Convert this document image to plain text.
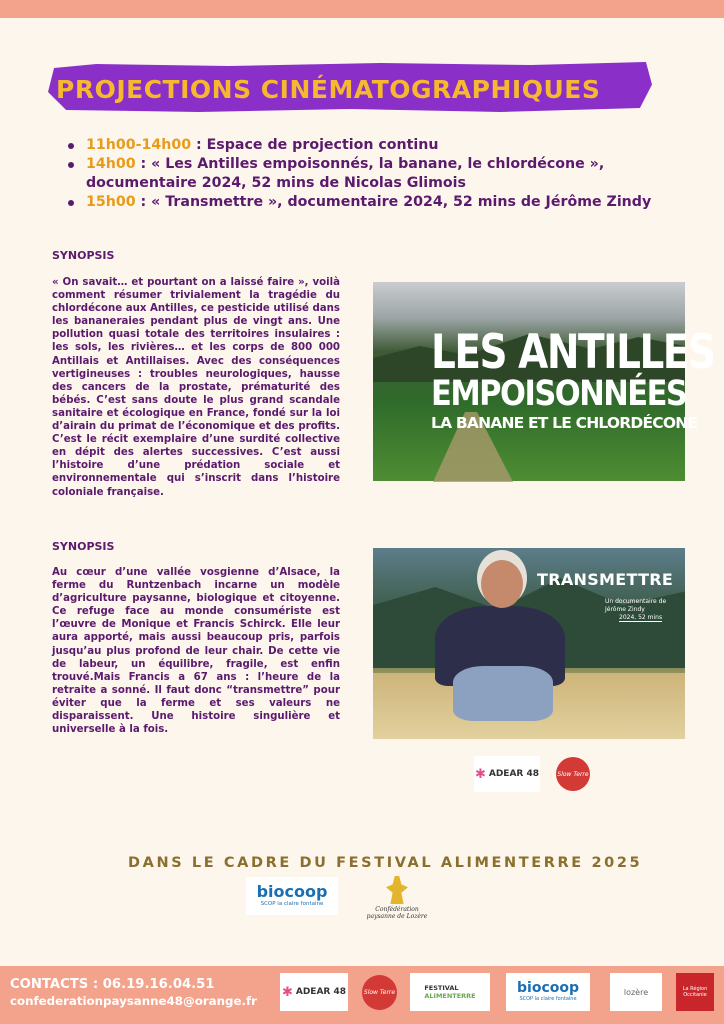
PROJECTIONS CINÉMATOGRAPHIQUES
11h00-14h00 : Espace de projection continu
14h00 : « Les Antilles empoisonnés, la banane, le chlordécone », documentaire 2024, 52 mins de Nicolas Glimois
15h00 : « Transmettre », documentaire 2024, 52 mins de Jérôme Zindy
SYNOPSIS
« On savait… et pourtant on a laissé faire », voilà comment résumer trivialement la tragédie du chlordécone aux Antilles, ce pesticide utilisé dans les bananeraies pendant plus de vingt ans. Une pollution quasi totale des territoires insulaires : les sols, les rivières… et les corps de 800 000 Antillais et Antillaises. Avec des conséquences vertigineuses : troubles neurologiques, hausse des cancers de la prostate, prématurité des bébés. C’est sans doute le plus grand scandale sanitaire et écologique en France, fondé sur la loi d’airain du primat de l’économique et des profits. C’est le récit exemplaire d’une surdité collective en dépit des alertes successives. C’est aussi l’histoire d’une prédation sociale et environnementale qui s’inscrit dans l’histoire coloniale française.
LES ANTILLES
EMPOISONNÉES
LA BANANE ET LE CHLORDÉCONE
SYNOPSIS
Au cœur d’une vallée vosgienne d’Alsace, la ferme du Runtzenbach incarne un modèle d’agriculture paysanne, biologique et citoyenne. Ce refuge face au monde consumériste est l’œuvre de Monique et Francis Schirck. Elle leur aura apporté, mais aussi beaucoup pris, parfois jusqu’au plus profond de leur chair. De cette vie de labeur, un équilibre, fragile, est enfin trouvé.Mais Francis a 67 ans : l’heure de la retraite a sonné. Il faut donc “transmettre” pour éviter que la ferme et ses valeurs ne disparaissent. Une histoire singulière et universelle à la fois.
TRANSMETTRE
Un documentaire de Jérôme Zindy
2024, 52 mins
✱ ADEAR 48	Slow Terre
DANS LE CADRE DU FESTIVAL ALIMENTERRE 2025
biocoop
SCOP la claire fontaine
Confédération paysanne de Lozère
CONTACTS : 06.19.16.04.51
confederationpaysanne48@orange.fr
✱ ADEAR 48	Slow Terre
FESTIVAL
ALIMENTERRE	biocoop
SCOP la claire fontaine
lozère	La Région Occitanie
